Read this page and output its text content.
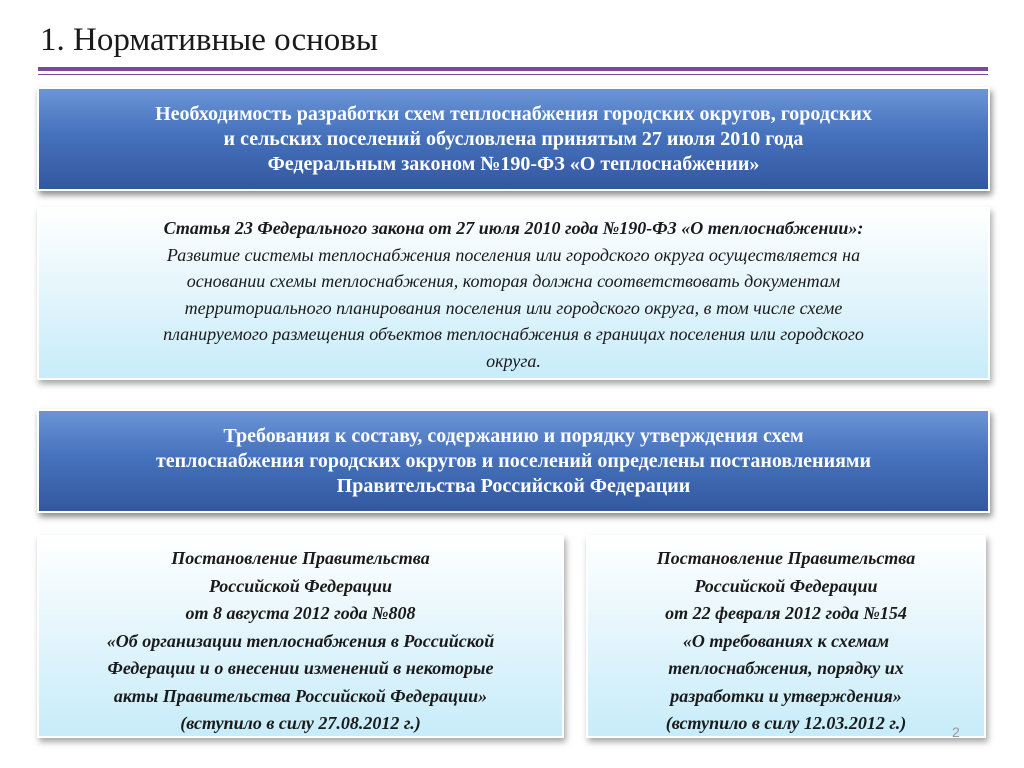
1. Нормативные основы
Необходимость разработки схем теплоснабжения городских округов, городских
и сельских поселений обусловлена принятым 27 июля 2010 года
Федеральным законом №190-ФЗ «О теплоснабжении»
Статья 23 Федерального закона от 27 июля 2010 года №190-ФЗ «О теплоснабжении»:
Развитие системы теплоснабжения поселения или городского округа осуществляется на
основании схемы теплоснабжения, которая должна соответствовать документам
территориального планирования поселения или городского округа, в том числе схеме
планируемого размещения объектов теплоснабжения в границах поселения или городского
округа.
Требования к составу, содержанию и порядку утверждения схем
теплоснабжения городских округов и поселений определены постановлениями
Правительства Российской Федерации
Постановление Правительства
Российской Федерации
от 8 августа 2012 года №808
«Об организации теплоснабжения в Российской
Федерации и о внесении изменений в некоторые
акты Правительства Российской Федерации»
(вступило в силу 27.08.2012 г.)
Постановление Правительства
Российской Федерации
от 22 февраля 2012 года №154
«О требованиях к схемам
теплоснабжения, порядку их
разработки и утверждения»
(вступило в силу 12.03.2012 г.)	2
